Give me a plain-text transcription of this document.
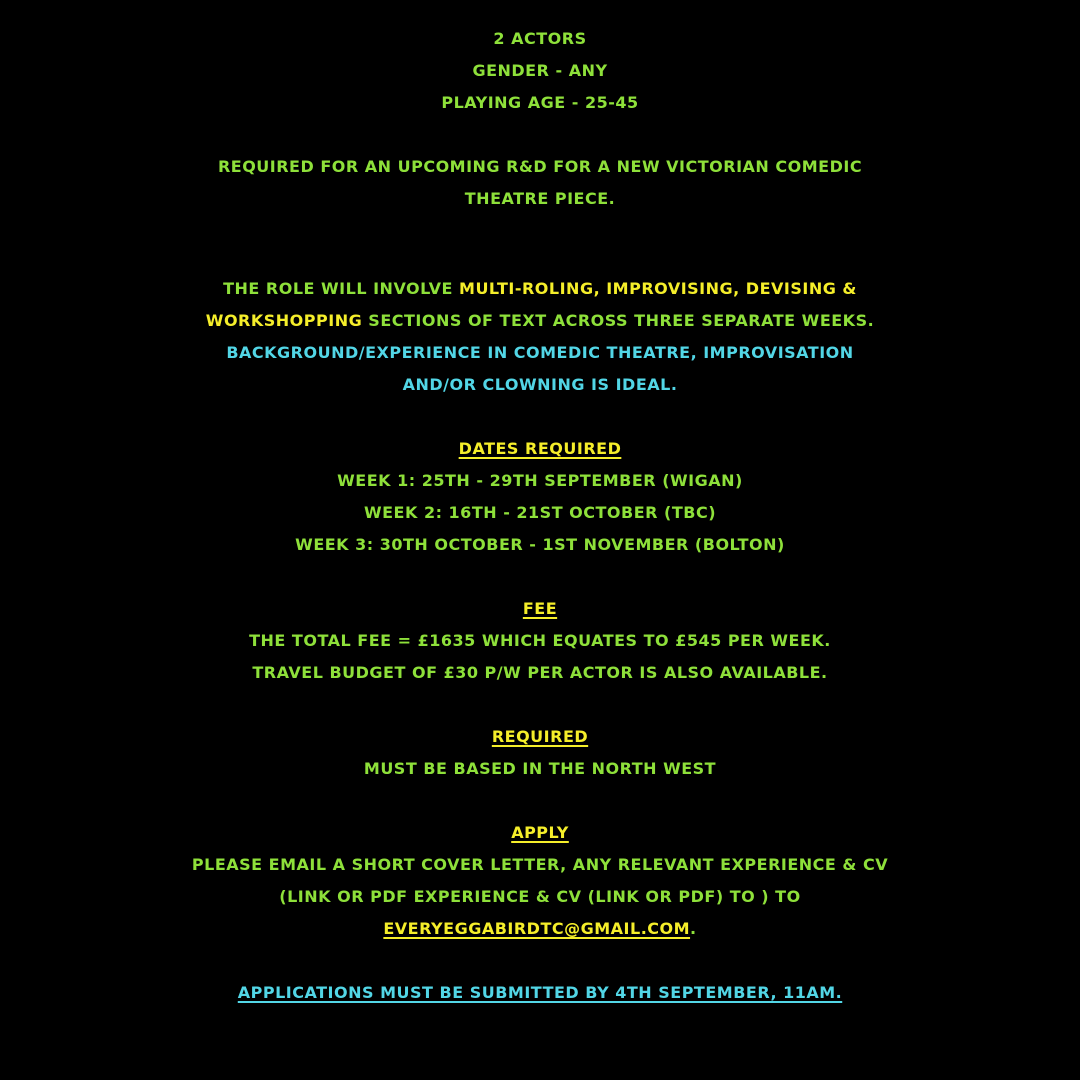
2 ACTORS
GENDER - ANY
PLAYING AGE - 25-45
REQUIRED FOR AN UPCOMING R&D FOR A NEW VICTORIAN COMEDIC
THEATRE PIECE.
THE ROLE WILL INVOLVE MULTI-ROLING, IMPROVISING, DEVISING &
WORKSHOPPING SECTIONS OF TEXT ACROSS THREE SEPARATE WEEKS.
BACKGROUND/EXPERIENCE IN COMEDIC THEATRE, IMPROVISATION
AND/OR CLOWNING IS IDEAL.
DATES REQUIRED
WEEK 1: 25TH - 29TH SEPTEMBER (WIGAN)
WEEK 2: 16TH - 21ST OCTOBER (TBC)
WEEK 3: 30TH OCTOBER - 1ST NOVEMBER (BOLTON)
FEE
THE TOTAL FEE = £1635 WHICH EQUATES TO £545 PER WEEK.
TRAVEL BUDGET OF £30 P/W PER ACTOR IS ALSO AVAILABLE.
REQUIRED
MUST BE BASED IN THE NORTH WEST
APPLY
PLEASE EMAIL A SHORT COVER LETTER, ANY RELEVANT EXPERIENCE & CV
(LINK OR PDF EXPERIENCE & CV (LINK OR PDF) TO ) TO
EVERYEGGABIRDTC@GMAIL.COM.
APPLICATIONS MUST BE SUBMITTED BY 4TH SEPTEMBER, 11AM.
